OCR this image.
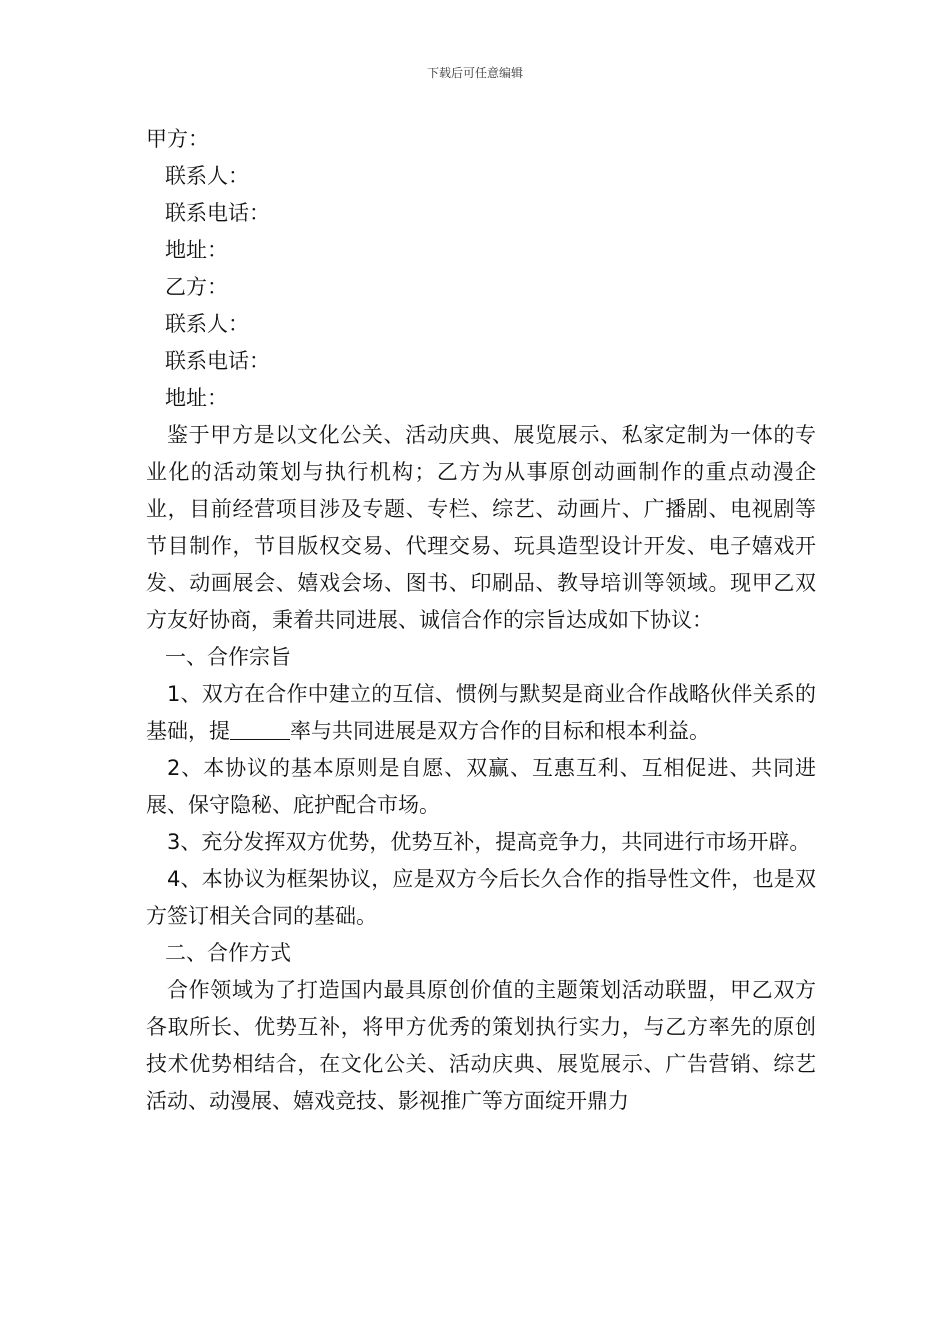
下载后可任意编辑
甲方：
联系人：
联系电话：
地址：
乙方：
联系人：
联系电话：
地址：
鉴于甲方是以文化公关、活动庆典、展览展示、私家定制为一体的专业化的活动策划与执行机构；乙方为从事原创动画制作的重点动漫企业，目前经营项目涉及专题、专栏、综艺、动画片、广播剧、电视剧等节目制作，节目版权交易、代理交易、玩具造型设计开发、电子嬉戏开发、动画展会、嬉戏会场、图书、印刷品、教导培训等领域。现甲乙双方友好协商，秉着共同进展、诚信合作的宗旨达成如下协议：
一、合作宗旨
1、双方在合作中建立的互信、惯例与默契是商业合作战略伙伴关系的基础，提	率与共同进展是双方合作的目标和根本利益。
2、本协议的基本原则是自愿、双赢、互惠互利、互相促进、共同进展、保守隐秘、庇护配合市场。
3、充分发挥双方优势，优势互补，提高竞争力，共同进行市场开辟。
4、本协议为框架协议，应是双方今后长久合作的指导性文件，也是双方签订相关合同的基础。
二、合作方式
合作领域为了打造国内最具原创价值的主题策划活动联盟，甲乙双方各取所长、优势互补，将甲方优秀的策划执行实力，与乙方率先的原创技术优势相结合，在文化公关、活动庆典、展览展示、广告营销、综艺活动、动漫展、嬉戏竞技、影视推广等方面绽开鼎力
